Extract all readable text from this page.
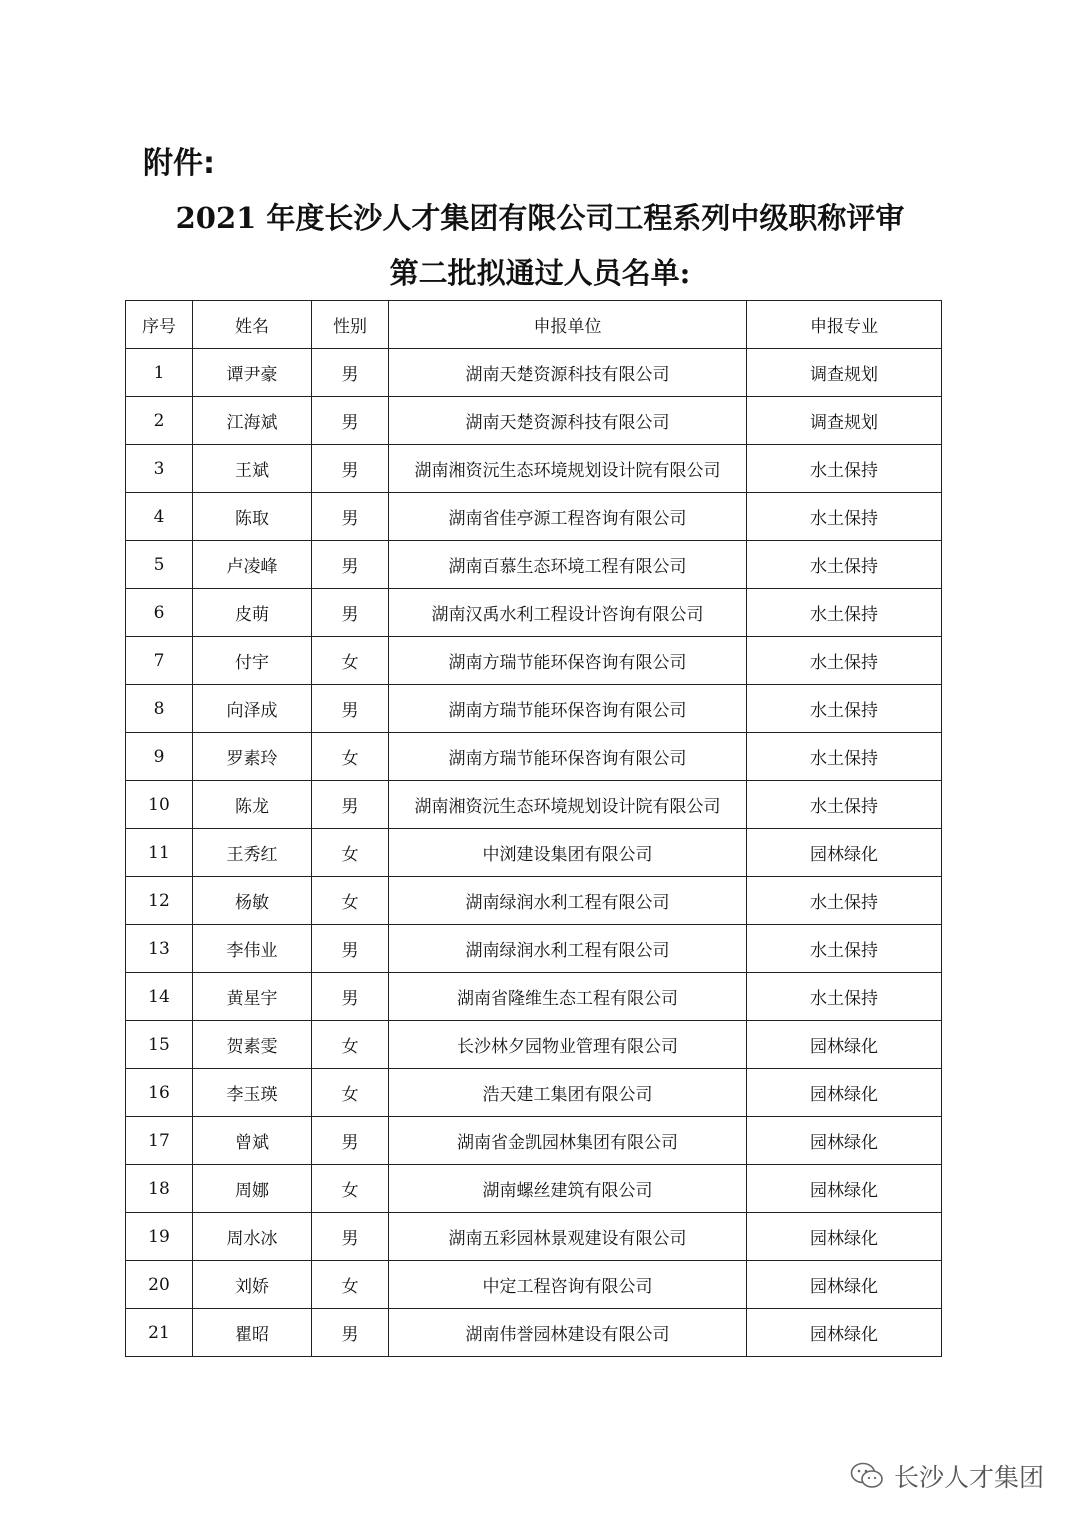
附件:
2021 年度长沙人才集团有限公司工程系列中级职称评审
第二批拟通过人员名单:
序号	姓名	性别	申报单位	申报专业
1	谭尹豪	男	湖南天楚资源科技有限公司	调查规划
2	江海斌	男	湖南天楚资源科技有限公司	调查规划
3	王斌	男	湖南湘资沅生态环境规划设计院有限公司	水土保持
4	陈取	男	湖南省佳亭源工程咨询有限公司	水土保持
5	卢凌峰	男	湖南百慕生态环境工程有限公司	水土保持
6	皮萌	男	湖南汉禹水利工程设计咨询有限公司	水土保持
7	付宇	女	湖南方瑞节能环保咨询有限公司	水土保持
8	向泽成	男	湖南方瑞节能环保咨询有限公司	水土保持
9	罗素玲	女	湖南方瑞节能环保咨询有限公司	水土保持
10	陈龙	男	湖南湘资沅生态环境规划设计院有限公司	水土保持
11	王秀红	女	中浏建设集团有限公司	园林绿化
12	杨敏	女	湖南绿润水利工程有限公司	水土保持
13	李伟业	男	湖南绿润水利工程有限公司	水土保持
14	黄星宇	男	湖南省隆维生态工程有限公司	水土保持
15	贺素雯	女	长沙林夕园物业管理有限公司	园林绿化
16	李玉瑛	女	浩天建工集团有限公司	园林绿化
17	曾斌	男	湖南省金凯园林集团有限公司	园林绿化
18	周娜	女	湖南螺丝建筑有限公司	园林绿化
19	周水冰	男	湖南五彩园林景观建设有限公司	园林绿化
20	刘娇	女	中定工程咨询有限公司	园林绿化
21	瞿昭	男	湖南伟誉园林建设有限公司	园林绿化
长沙人才集团
